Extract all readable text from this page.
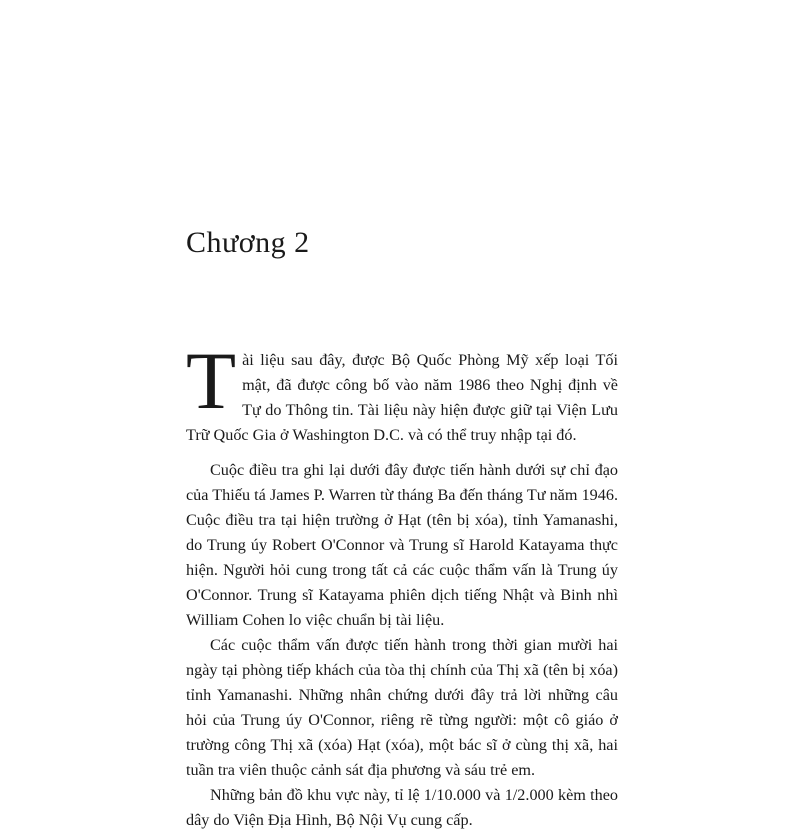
Chương 2

Tài liệu sau đây, được Bộ Quốc Phòng Mỹ xếp loại Tối mật, đã được công bố vào năm 1986 theo Nghị định về Tự do Thông tin. Tài liệu này hiện được giữ tại Viện Lưu Trữ Quốc Gia ở Washington D.C. và có thể truy nhập tại đó.

Cuộc điều tra ghi lại dưới đây được tiến hành dưới sự chỉ đạo của Thiếu tá James P. Warren từ tháng Ba đến tháng Tư năm 1946. Cuộc điều tra tại hiện trường ở Hạt (tên bị xóa), tỉnh Yamanashi, do Trung úy Robert O'Connor và Trung sĩ Harold Katayama thực hiện. Người hỏi cung trong tất cả các cuộc thẩm vấn là Trung úy O'Connor. Trung sĩ Katayama phiên dịch tiếng Nhật và Binh nhì William Cohen lo việc chuẩn bị tài liệu.

Các cuộc thẩm vấn được tiến hành trong thời gian mười hai ngày tại phòng tiếp khách của tòa thị chính của Thị xã (tên bị xóa) tỉnh Yamanashi. Những nhân chứng dưới đây trả lời những câu hỏi của Trung úy O'Connor, riêng rẽ từng người: một cô giáo ở trường công Thị xã (xóa) Hạt (xóa), một bác sĩ ở cùng thị xã, hai tuần tra viên thuộc cảnh sát địa phương và sáu trẻ em.

Những bản đồ khu vực này, tỉ lệ 1/10.000 và 1/2.000 kèm theo dây do Viện Địa Hình, Bộ Nội Vụ cung cấp.
